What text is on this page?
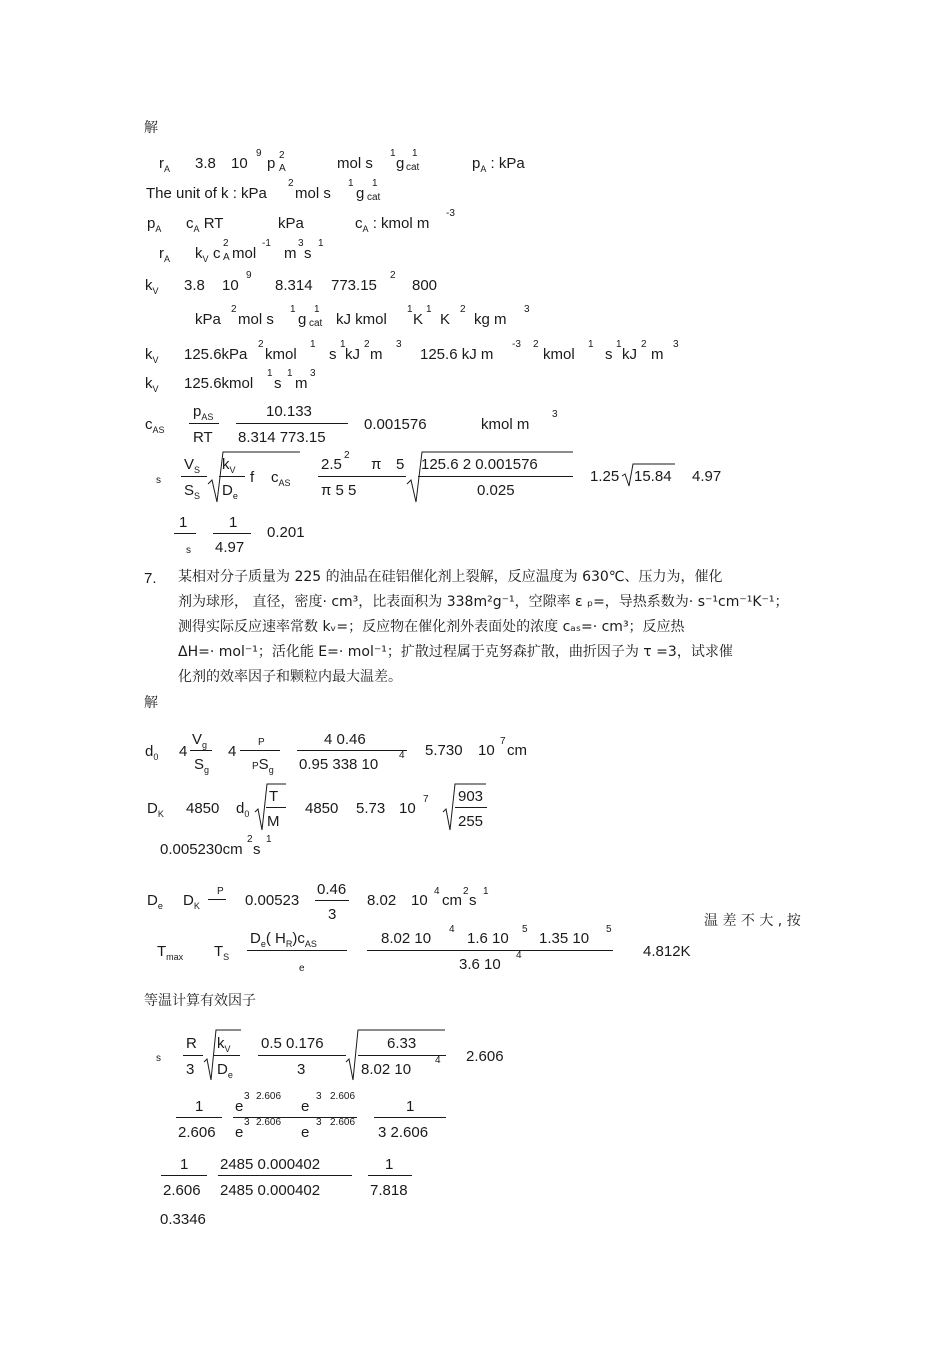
解
$r_A$ 3.8 10
9
p 2
A	mol s
1
g
1
cat	$p_A$ : kPa
The unit of k : kPa
2
mol s
1
g
1
cat
$p_A$ $c_A$ RT	kPa	$c_A$ : kmol m
-3
$r_A$ $k_V$ c
2
A mol
-1
m
3
s
1
$k_V$ 3.8 10
9
8.314 773.15
2
800
kPa
2
mol s
1
g
1
cat kJ kmol
1
K
1
K
2
kg m
3
$k_V$ 125.6kPa
2
kmol
1
s
1
kJ
2
m
3
125.6 kJ m
-3 2
kmol
1
s
1
kJ
2
m
3
$k_V$ 125.6kmol
1
s
1
m
3
$c_{AS}$
$p_{AS}$
RT
10.133
8.314 773.15
0.001576	kmol m
3
s
$V_S$
$S_S$
$k_V$
$D_e$
f $c_{AS}$
2.5
2
π 5
π 5 5
125.6 2 0.001576
0.025
1.25 15.84 4.97
1
s
1
4.97
0.201
7. 某相对分子质量为 225 的油品在硅铝催化剂上裂解，反应温度为 630℃、压力为，催化
剂为球形， 直径，密度· cm³，比表面积为 338m²g⁻¹，空隙率 ε ₚ=，导热系数为· s⁻¹cm⁻¹K⁻¹；
测得实际反应速率常数 kᵥ=；反应物在催化剂外表面处的浓度 cₐₛ=· cm³；反应热
ΔH=· mol⁻¹；活化能 E=· mol⁻¹；扩散过程属于克努森扩散，曲折因子为 τ =3，试求催
化剂的效率因子和颗粒内最大温差。
解
$d_0$ 4
$V_g$
$S_g$
4
P
$PS_g$
4 0.46
0.95 338 10
4 5.730 10
7
cm
$D_K$ 4850 $d_0$
T
M
4850 5.73 10
7 903
255
0.005230cm
2
s
1
$D_e$ $D_K$
P
0.00523
0.46
3
8.02 10
4
cm
2
s
1
温 差 不 大 , 按
$T_{max}$ $T_S$
$D_e$( $H_R)c_{AS}$
e
8.02 10
4
1.6 10
5
1.35 10
5
3.6 10
4	4.812K
等温计算有效因子
s
R
3
$k_V$
$D_e$
0.5 0.176
3
6.33
8.02 10
4 2.606
1
2.606
e
3 2.606
e
3 2.606
e
3 2.606
e
3 2.606
1
3 2.606
1
2.606
2485 0.000402
2485 0.000402
1
7.818
0.3346
